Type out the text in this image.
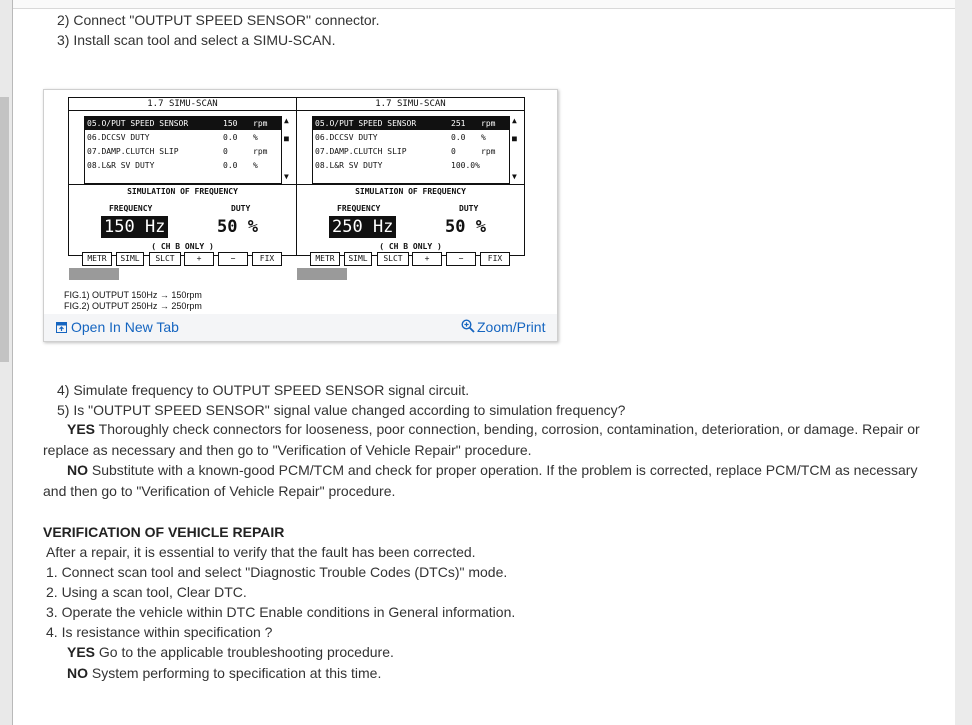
2) Connect "OUTPUT SPEED SENSOR" connector.
3) Install scan tool and select a SIMU-SCAN.
1.7 SIMU-SCAN
05.O/PUT SPEED SENSOR	150 rpm
06.DCCSV DUTY	0.0 %
07.DAMP.CLUTCH SLIP	0	rpm
08.L&R SV DUTY	0.0 %
▲
■
▼
SIMULATION OF FREQUENCY
FREQUENCY	DUTY
150 Hz	50 %
( CH B ONLY )
METR	SIML	SLCT	+	−	FIX
1.7 SIMU-SCAN
05.O/PUT SPEED SENSOR	251 rpm
06.DCCSV DUTY	0.0 %
07.DAMP.CLUTCH SLIP	0	rpm
08.L&R SV DUTY	100.0%
▲
■
▼
SIMULATION OF FREQUENCY
FREQUENCY	DUTY
250 Hz	50 %
( CH B ONLY )
METR	SIML	SLCT	+	−	FIX
FIG.1) OUTPUT 150Hz → 150rpm
FIG.2) OUTPUT 250Hz → 250rpm
Open In New Tab	Zoom/Print
4) Simulate frequency to OUTPUT SPEED SENSOR signal circuit.
5) Is "OUTPUT SPEED SENSOR" signal value changed according to simulation frequency?
YES Thoroughly check connectors for looseness, poor connection, bending, corrosion, contamination, deterioration, or damage. Repair or replace as necessary and then go to "Verification of Vehicle Repair" procedure.
NO Substitute with a known-good PCM/TCM and check for proper operation. If the problem is corrected, replace PCM/TCM as necessary and then go to "Verification of Vehicle Repair" procedure.
VERIFICATION OF VEHICLE REPAIR
After a repair, it is essential to verify that the fault has been corrected.
1. Connect scan tool and select "Diagnostic Trouble Codes (DTCs)" mode.
2. Using a scan tool, Clear DTC.
3. Operate the vehicle within DTC Enable conditions in General information.
4. Is resistance within specification ?
YES Go to the applicable troubleshooting procedure.
NO System performing to specification at this time.
